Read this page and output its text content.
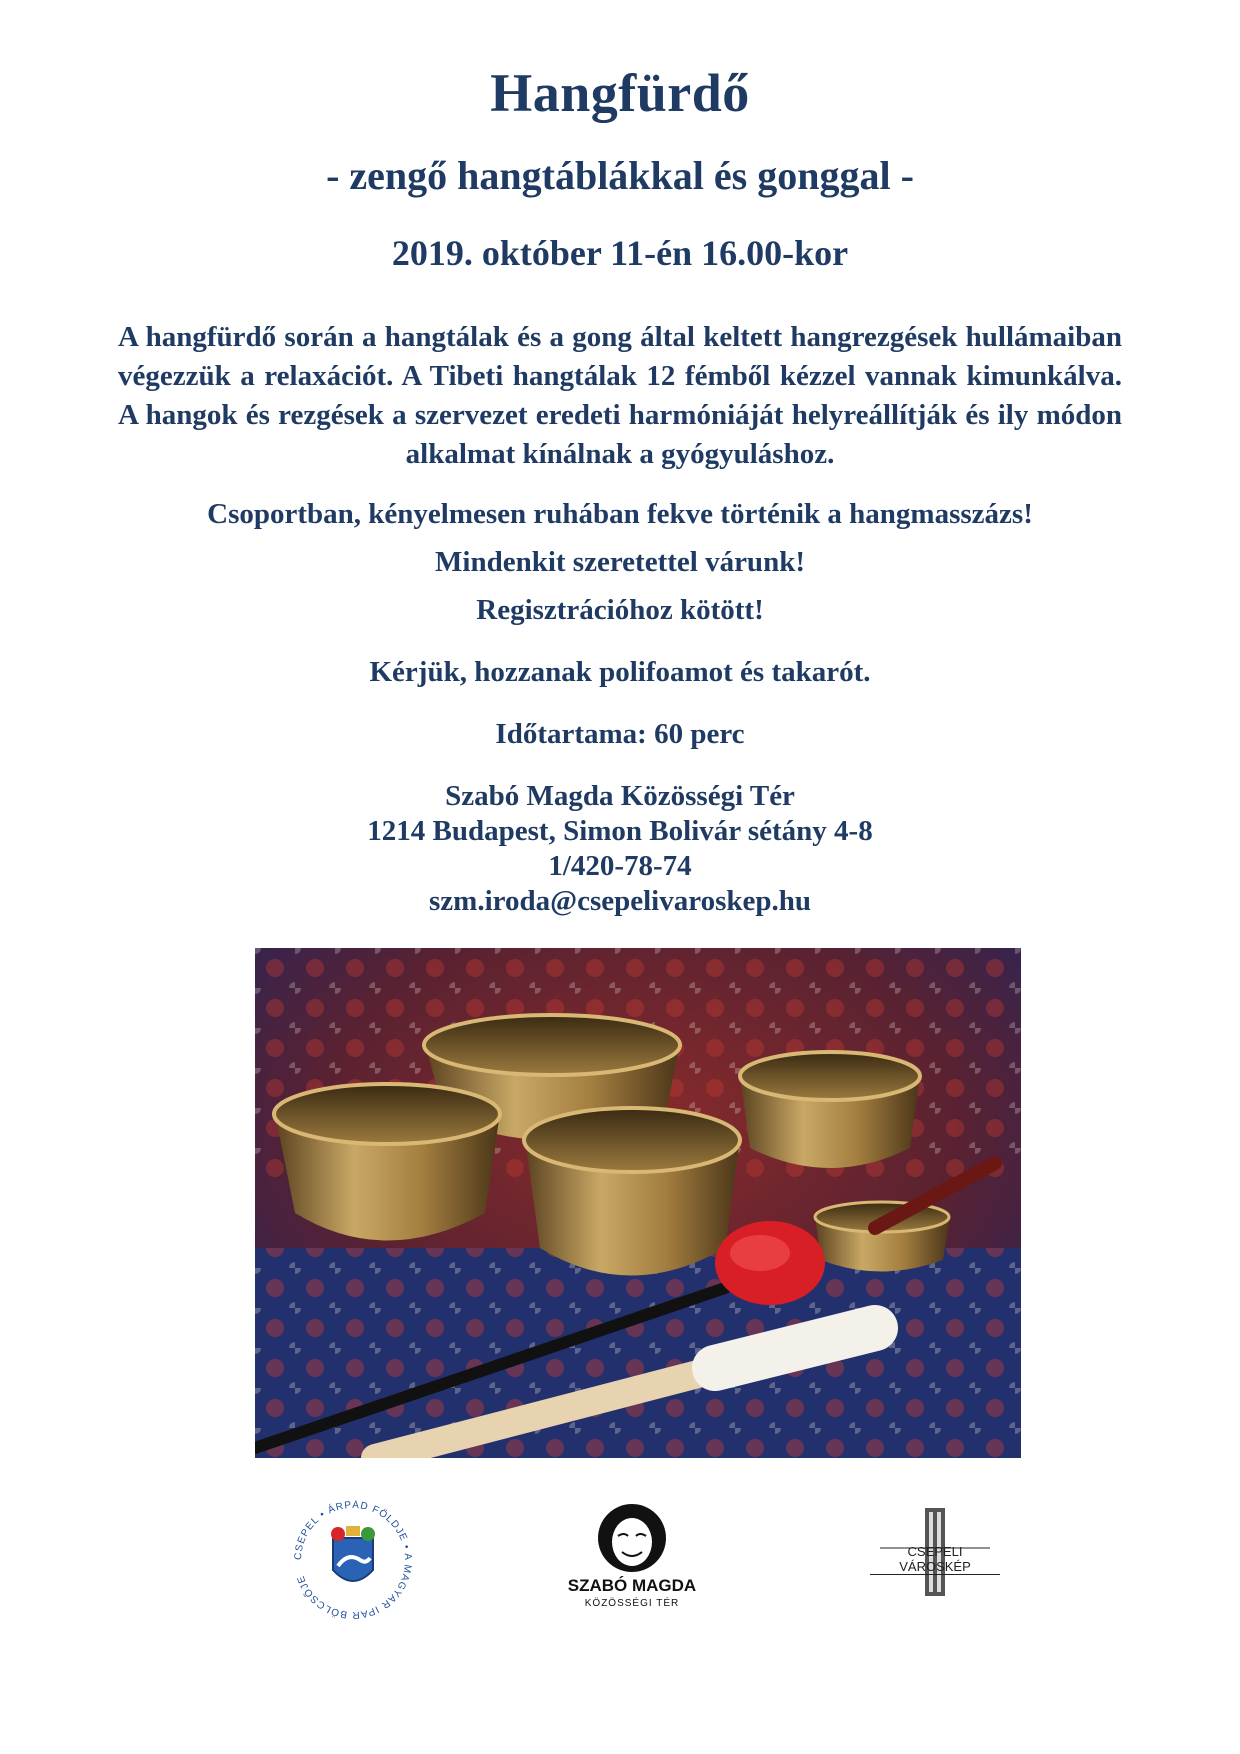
Hangfürdő
- zengő hangtáblákkal és gonggal -
2019. október 11-én 16.00-kor
A hangfürdő során a hangtálak és a gong által keltett hangrezgések hullámaiban végezzük a relaxációt. A Tibeti hangtálak 12 fémből kézzel vannak kimunkálva. A hangok és rezgések a szervezet eredeti harmóniáját helyreállítják és ily módon alkalmat kínálnak a gyógyuláshoz.
Csoportban, kényelmesen ruhában fekve történik a hangmasszázs!
Mindenkit szeretettel várunk!
Regisztrációhoz kötött!
Kérjük, hozzanak polifoamot és takarót.
Időtartama: 60 perc
Szabó Magda Közösségi Tér
1214 Budapest, Simon Bolivár sétány 4-8
1/420-78-74
szm.iroda@csepelivaroskep.hu
CSEPEL • ÁRPÁD FÖLDJE • A MAGYAR IPAR BÖLCSŐJE	SZABÓ MAGDA
KÖZÖSSÉGI TÉR
CSEPELI VÁROSKÉP
